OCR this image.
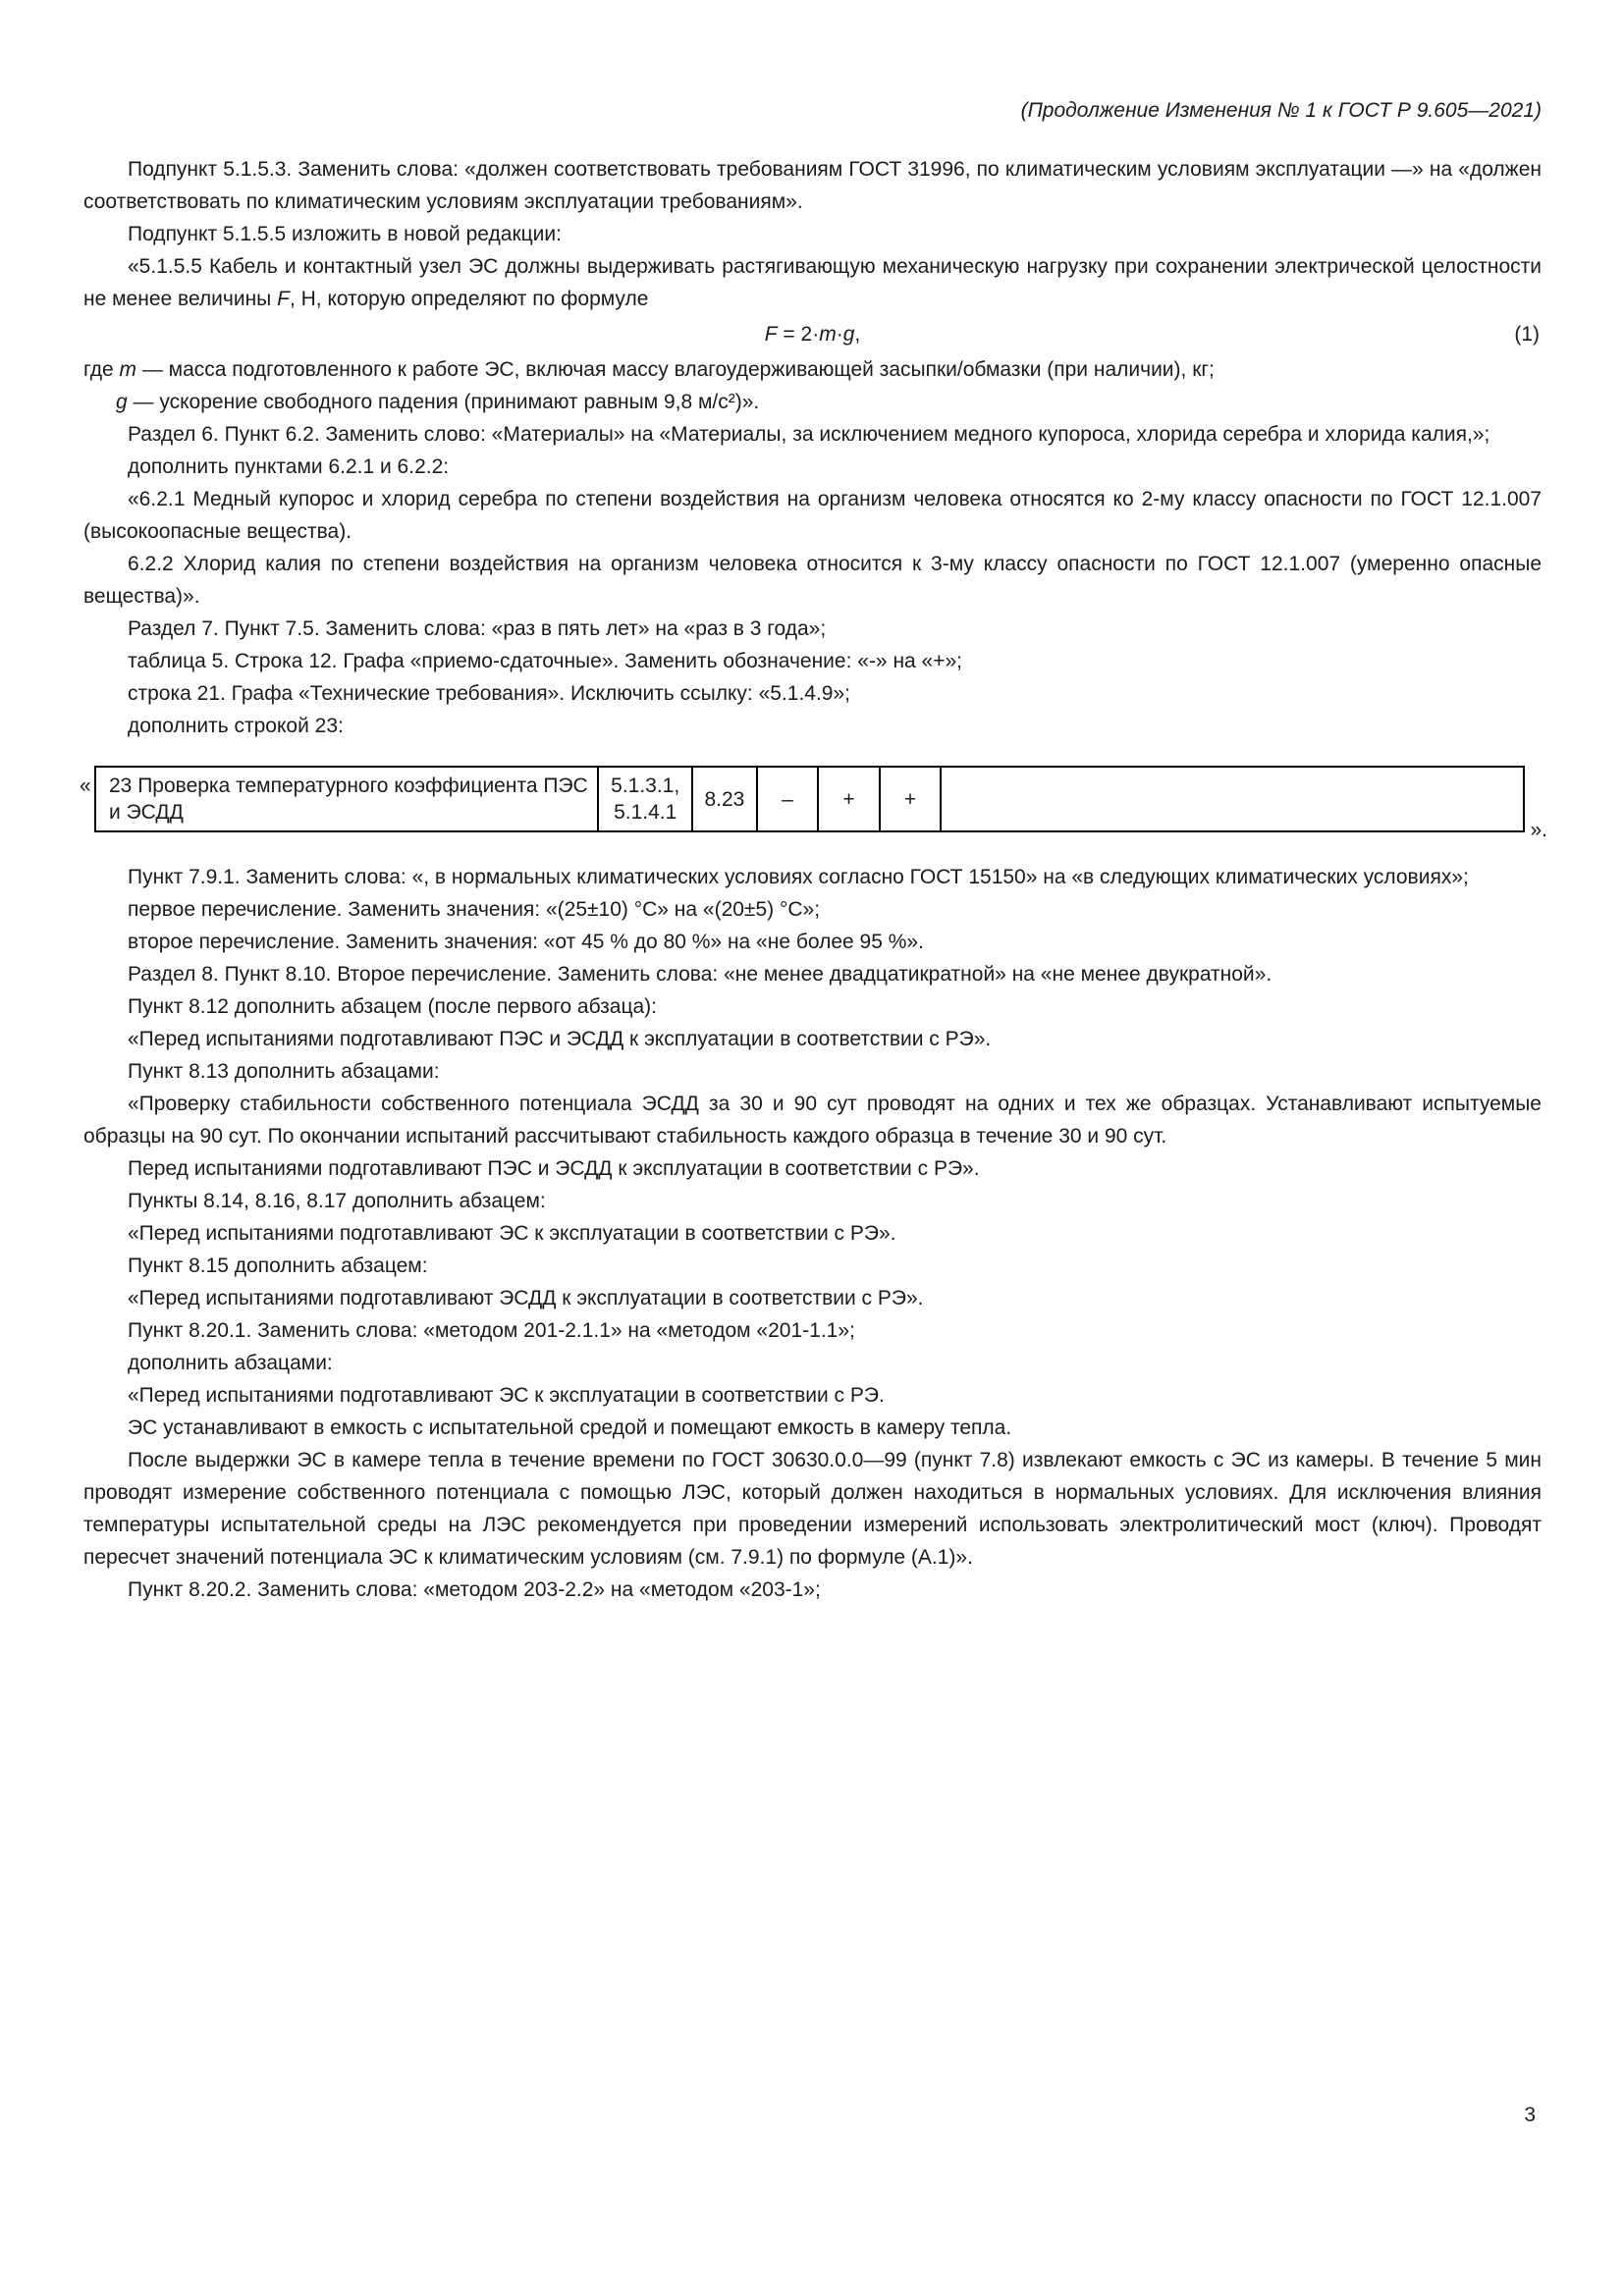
(Продолжение Изменения № 1 к ГОСТ Р 9.605—2021)

Подпункт 5.1.5.3. Заменить слова: «должен соответствовать требованиям ГОСТ 31996, по климатическим условиям эксплуатации —» на «должен соответствовать по климатическим условиям эксплуатации требованиям».

Подпункт 5.1.5.5 изложить в новой редакции:

«5.1.5.5 Кабель и контактный узел ЭС должны выдерживать растягивающую механическую нагрузку при сохранении электрической целостности не менее величины F, Н, которую определяют по формуле

F = 2·m·g,	(1)

где m — масса подготовленного к работе ЭС, включая массу влагоудерживающей засыпки/обмазки (при наличии), кг;

g — ускорение свободного падения (принимают равным 9,8 м/с²)».

Раздел 6. Пункт 6.2. Заменить слово: «Материалы» на «Материалы, за исключением медного купороса, хлорида серебра и хлорида калия,»;

дополнить пунктами 6.2.1 и 6.2.2:

«6.2.1 Медный купорос и хлорид серебра по степени воздействия на организм человека относятся ко 2-му классу опасности по ГОСТ 12.1.007 (высокоопасные вещества).

6.2.2 Хлорид калия по степени воздействия на организм человека относится к 3-му классу опасности по ГОСТ 12.1.007 (умеренно опасные вещества)».

Раздел 7. Пункт 7.5. Заменить слова: «раз в пять лет» на «раз в 3 года»;

таблица 5. Строка 12. Графа «приемо-сдаточные». Заменить обозначение: «-» на «+»;

строка 21. Графа «Технические требования». Исключить ссылку: «5.1.4.9»;

дополнить строкой 23:

« 23 Проверка температурного коэффициента ПЭС и ЭСДД	5.1.3.1, 5.1.4.1	8.23	–	+	+	
».

Пункт 7.9.1. Заменить слова: «, в нормальных климатических условиях согласно ГОСТ 15150» на «в следующих климатических условиях»;

первое перечисление. Заменить значения: «(25±10) °С» на «(20±5) °С»;

второе перечисление. Заменить значения: «от 45 % до 80 %» на «не более 95 %».

Раздел 8. Пункт 8.10. Второе перечисление. Заменить слова: «не менее двадцатикратной» на «не менее двукратной».

Пункт 8.12 дополнить абзацем (после первого абзаца):

«Перед испытаниями подготавливают ПЭС и ЭСДД к эксплуатации в соответствии с РЭ».

Пункт 8.13 дополнить абзацами:

«Проверку стабильности собственного потенциала ЭСДД за 30 и 90 сут проводят на одних и тех же образцах. Устанавливают испытуемые образцы на 90 сут. По окончании испытаний рассчитывают стабильность каждого образца в течение 30 и 90 сут.

Перед испытаниями подготавливают ПЭС и ЭСДД к эксплуатации в соответствии с РЭ».

Пункты 8.14, 8.16, 8.17 дополнить абзацем:

«Перед испытаниями подготавливают ЭС к эксплуатации в соответствии с РЭ».

Пункт 8.15 дополнить абзацем:

«Перед испытаниями подготавливают ЭСДД к эксплуатации в соответствии с РЭ».

Пункт 8.20.1. Заменить слова: «методом 201-2.1.1» на «методом «201-1.1»;

дополнить абзацами:

«Перед испытаниями подготавливают ЭС к эксплуатации в соответствии с РЭ.

ЭС устанавливают в емкость с испытательной средой и помещают емкость в камеру тепла.

После выдержки ЭС в камере тепла в течение времени по ГОСТ 30630.0.0—99 (пункт 7.8) извлекают емкость с ЭС из камеры. В течение 5 мин проводят измерение собственного потенциала с помощью ЛЭС, который должен находиться в нормальных условиях. Для исключения влияния температуры испытательной среды на ЛЭС рекомендуется при проведении измерений использовать электролитический мост (ключ). Проводят пересчет значений потенциала ЭС к климатическим условиям (см. 7.9.1) по формуле (А.1)».

Пункт 8.20.2. Заменить слова: «методом 203-2.2» на «методом «203-1»;

3
